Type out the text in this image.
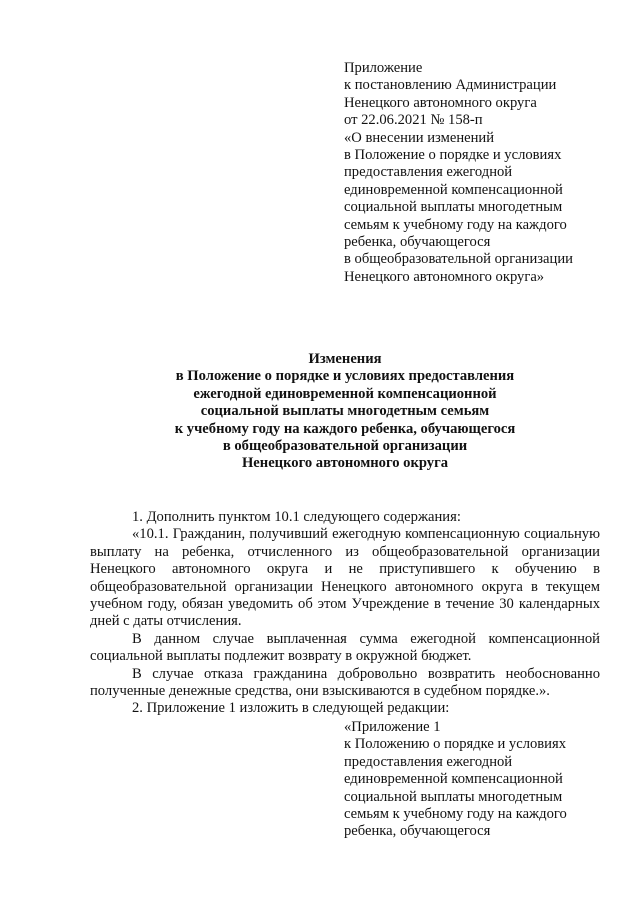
Приложение
к постановлению Администрации
Ненецкого автономного округа
от 22.06.2021 № 158-п
«О внесении изменений
в Положение о порядке и условиях
предоставления ежегодной
единовременной компенсационной
социальной выплаты многодетным
семьям к учебному году на каждого
ребенка, обучающегося
в общеобразовательной организации
Ненецкого автономного округа»
Изменения
в Положение о порядке и условиях предоставления
ежегодной единовременной компенсационной
социальной выплаты многодетным семьям
к учебному году на каждого ребенка, обучающегося
в общеобразовательной организации
Ненецкого автономного округа

1. Дополнить пунктом 10.1 следующего содержания:

«10.1. Гражданин, получивший ежегодную компенсационную социальную выплату на ребенка, отчисленного из общеобразовательной организации Ненецкого автономного округа и не приступившего к обучению в общеобразовательной организации Ненецкого автономного округа в текущем учебном году, обязан уведомить об этом Учреждение в течение 30 календарных дней с даты отчисления.

В данном случае выплаченная сумма ежегодной компенсационной социальной выплаты подлежит возврату в окружной бюджет.

В случае отказа гражданина добровольно возвратить необоснованно полученные денежные средства, они взыскиваются в судебном порядке.».

2. Приложение 1 изложить в следующей редакции:

«Приложение 1
к Положению о порядке и условиях
предоставления ежегодной
единовременной компенсационной
социальной выплаты многодетным
семьям к учебному году на каждого
ребенка, обучающегося
